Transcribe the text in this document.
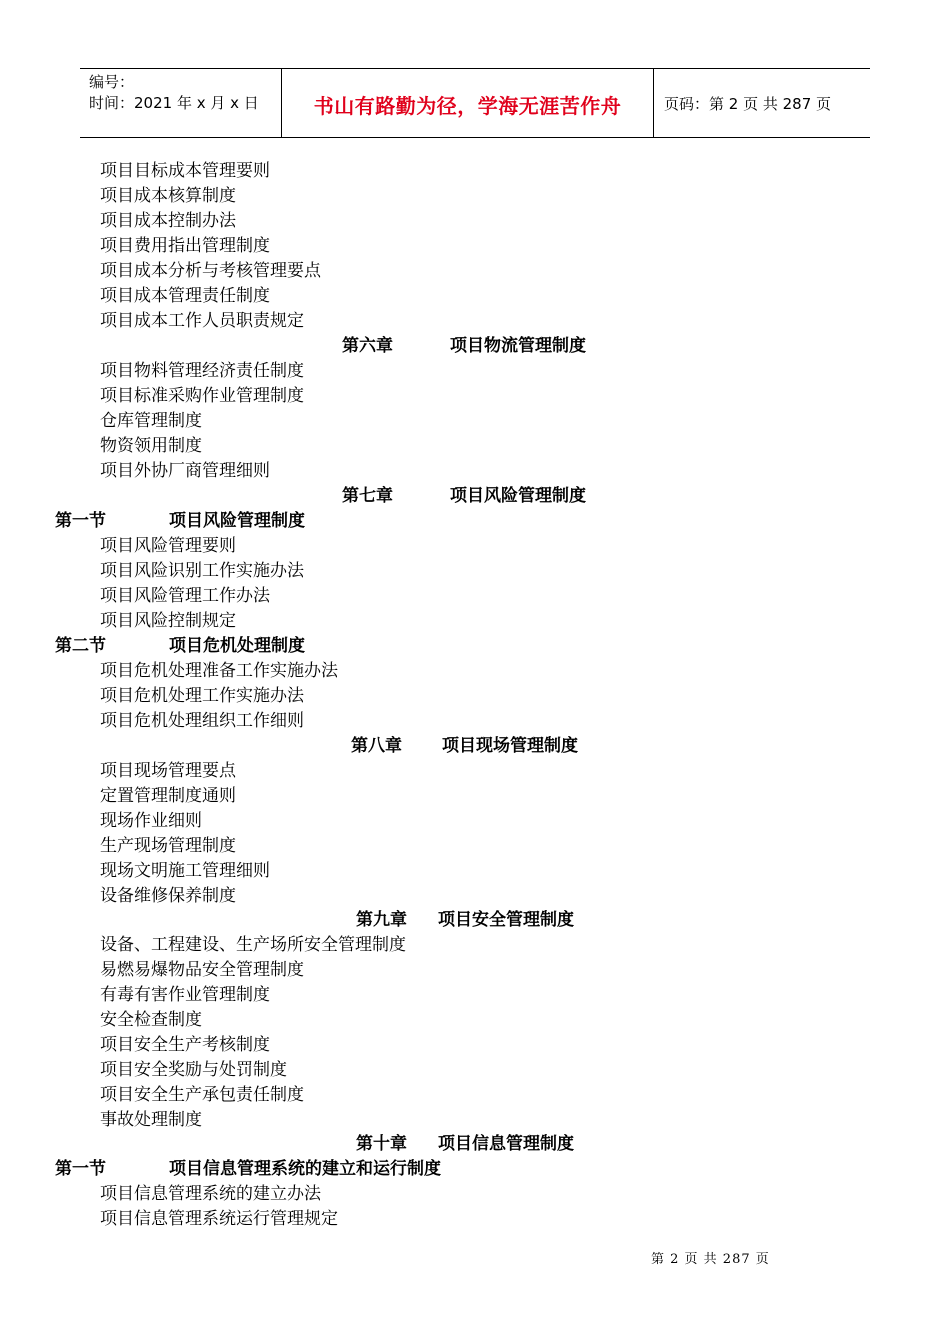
编号：
时间：2021 年 x 月 x 日	书山有路勤为径，学海无涯苦作舟	页码：第 2 页 共 287 页
项目目标成本管理要则
项目成本核算制度
项目成本控制办法
项目费用指出管理制度
项目成本分析与考核管理要点
项目成本管理责任制度
项目成本工作人员职责规定
第六章	项目物流管理制度
项目物料管理经济责任制度
项目标准采购作业管理制度
仓库管理制度
物资领用制度
项目外协厂商管理细则
第七章	项目风险管理制度
第一节	项目风险管理制度
项目风险管理要则
项目风险识别工作实施办法
项目风险管理工作办法
项目风险控制规定
第二节	项目危机处理制度
项目危机处理准备工作实施办法
项目危机处理工作实施办法
项目危机处理组织工作细则
第八章 项目现场管理制度
项目现场管理要点
定置管理制度通则
现场作业细则
生产现场管理制度
现场文明施工管理细则
设备维修保养制度
第九章 项目安全管理制度
设备、工程建设、生产场所安全管理制度
易燃易爆物品安全管理制度
有毒有害作业管理制度
安全检查制度
项目安全生产考核制度
项目安全奖励与处罚制度
项目安全生产承包责任制度
事故处理制度
第十章 项目信息管理制度
第一节	项目信息管理系统的建立和运行制度
项目信息管理系统的建立办法
项目信息管理系统运行管理规定
第 2 页 共 287 页
